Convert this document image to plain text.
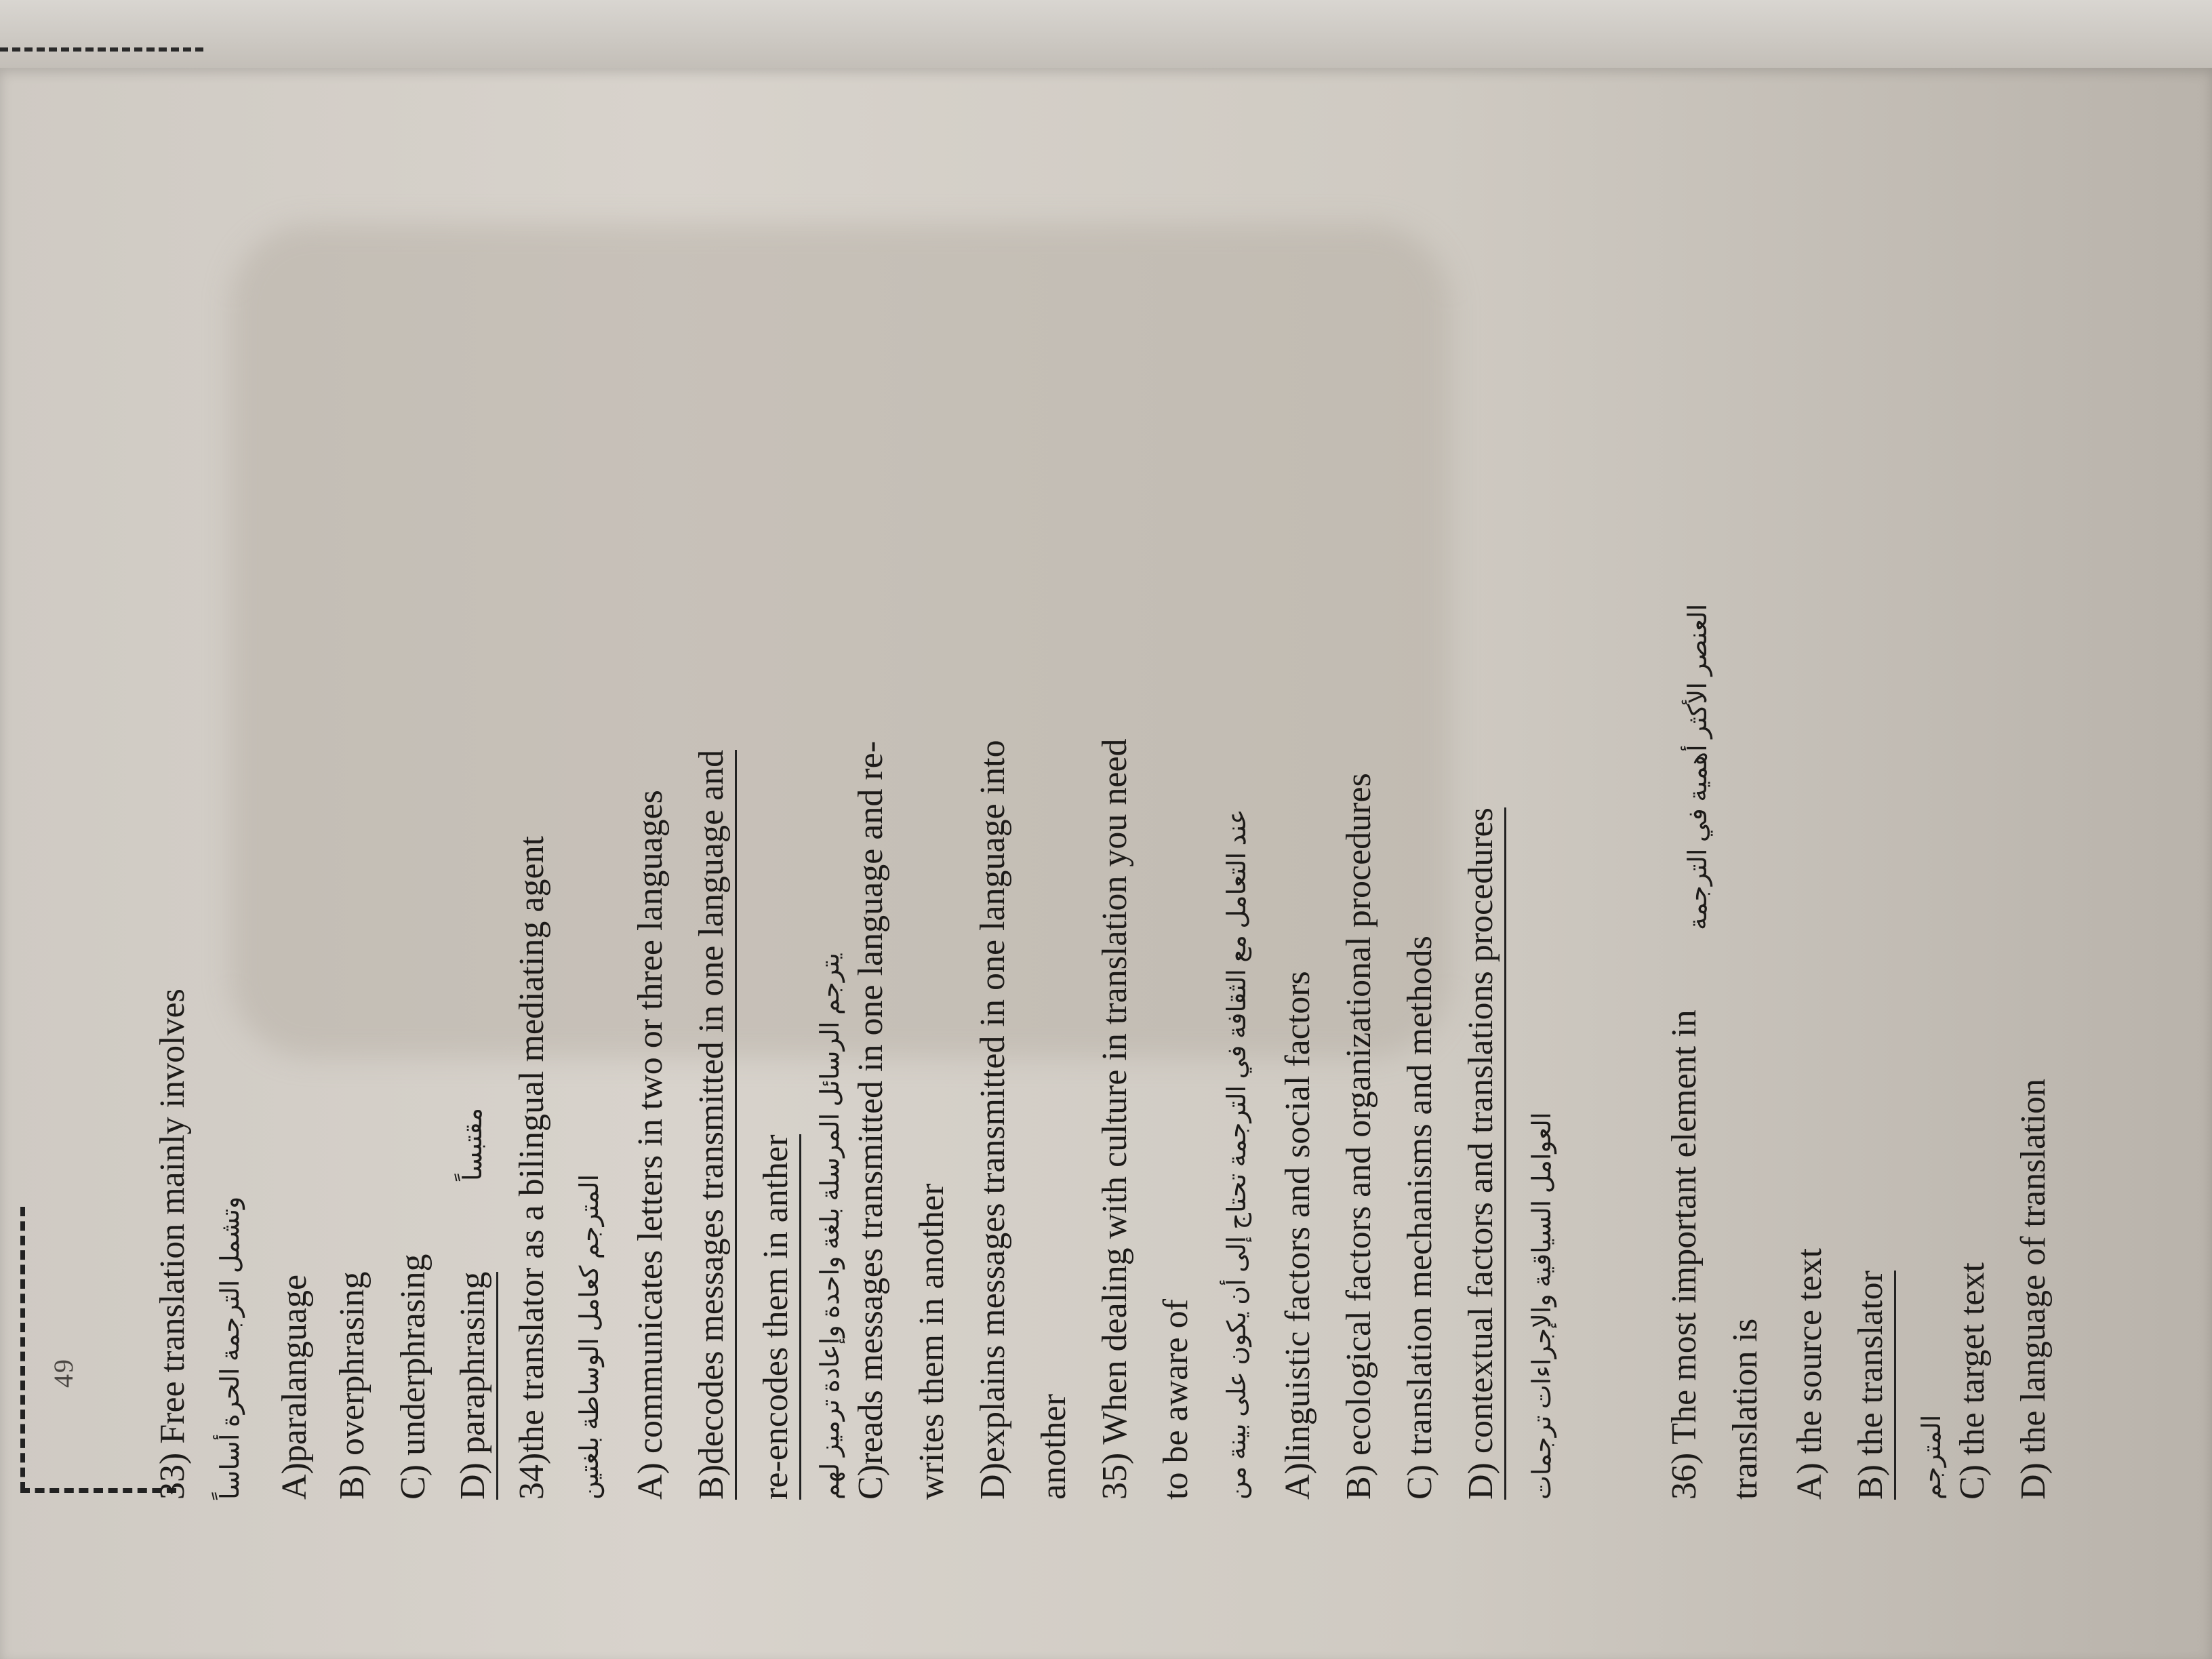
49 33) Free translation mainly involves وتشمل الترجمة الحرة أساساً A)paralanguage B) overphrasing C) underphrasing D) paraphrasing
مقتبساً 34)the translator as a bilingual mediating agent المترجم كعامل الوساطة بلغتين A) communicates letters in two or three languages B)decodes messages transmitted in one language and re-encodes them in anther يترجم الرسائل المرسلة بلغة واحدة وإعادة ترميز لهم C)reads messages transmitted in one language and re- writes them in another D)explains messages transmitted in one language into another 35) When dealing with culture in translation you need to be aware of عند التعامل مع الثقافة في الترجمة تحتاج إلى أن يكون على بينة من A)linguistic factors and social factors B) ecological factors and organizational procedures C) translation mechanisms and methods D) contextual factors and translations procedures العوامل السياقية والإجراءات ترجمات	36) The most important element in
العنصر الأكثر أهمية في الترجمة
translation is A) the source text B) the translator المترجم C) the target text D) the language of translation
